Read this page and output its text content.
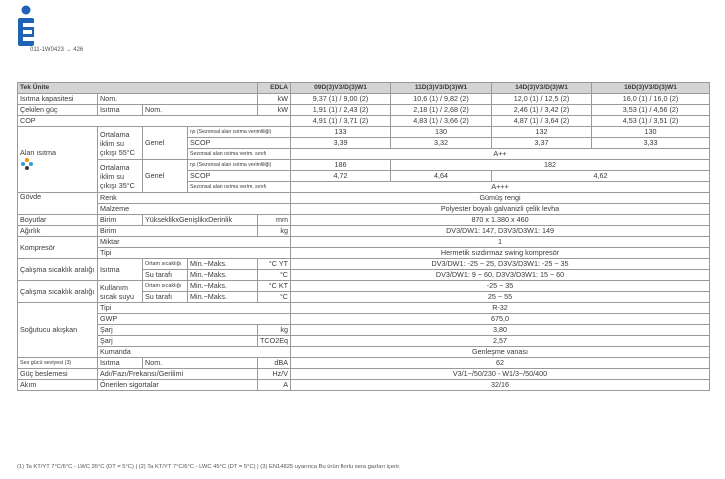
011-1W0423 → 426
Tek Ünite				EDLA	09D(3)V3/D(3)W1	11D(3)V3/D(3)W1	14D(3)V3/D(3)W1	16D(3)V3/D(3)W1
Isıtma kapasitesi	Nom.			kW	9,37 (1) / 9,00 (2)	10,6 (1) / 9,82 (2)	12,0 (1) / 12,5 (2)	16,0 (1) / 16,0 (2)
Çekilen güç	Isıtma	Nom.		kW	1,91 (1) / 2,43 (2)	2,18 (1) / 2,68 (2)	2,46 (1) / 3,42 (2)	3,53 (1) / 4,56 (2)
COP					4,91 (1) / 3,71 (2)	4,83 (1) / 3,66 (2)	4,87 (1) / 3,64 (2)	4,53 (1) / 3,51 (2)
Alan ısıtma	Ortalama iklim su çıkışı 55°C	Genel	ηs (Sezonsal alan ısıtma verimliliği)		133	130	132	130
			SCOP		3,39	3,32	3,37	3,33
			Sezonsal alan ısıtma verim. sınıfı		A++			
	Ortalama iklim su çıkışı 35°C	Genel	ηs (Sezonsal alan ısıtma verimliliği)		186	182		
			SCOP		4,72	4,64	4,62	
			Sezonsal alan ısıtma verim. sınıfı		A+++			
Gövde	Renk				Gümüş rengi			
	Malzeme				Polyester boyalı galvanizli çelik levha			
Boyutlar	Birim	YükseklikxGenişlikxDerinlik		mm	870 x 1.380 x 460			
Ağırlık	Birim			kg	DV3/DW1: 147, D3V3/D3W1: 149			
Kompresör	Miktar				1			
	Tipi				Hermetik sızdırmaz swing kompresör			
Çalışma sıcaklık aralığı	Isıtma	Ortam sıcaklığı	Min.~Maks.	°C YT	DV3/DW1: -25 ~ 25, D3V3/D3W1: -25 ~ 35			
		Su tarafı	Min.~Maks.	°C	DV3/DW1: 9 ~ 60, D3V3/D3W1: 15 ~ 60			
Çalışma sıcaklık aralığı	Kullanım sıcak suyu	Ortam sıcaklığı	Min.~Maks.	°C KT	-25 ~ 35			
		Su tarafı	Min.~Maks.	°C	25 ~ 55			
Soğutucu akışkan	Tipi				R-32			
	GWP				675,0			
	Şarj			kg	3,80			
	Şarj			TCO2Eq	2,57			
	Kumanda				Genleşme vanası			
Ses gücü seviyesi (3)	Isıtma	Nom.		dBA	62			
Güç beslemesi	Adı/Fazı/Frekansı/Gerilimi			Hz/V	V3/1~/50/230 - W1/3~/50/400			
Akım	Önerilen sigortalar			A	32/16			
(1) Ta KT/YT 7°C/6°C - LWC 35°C (DT = 5°C) | (2) Ta KT/YT 7°C/6°C - LWC 45°C (DT = 5°C) | (3) EN14825 uyarınca Bu ürün florlu sera gazları içerir.
